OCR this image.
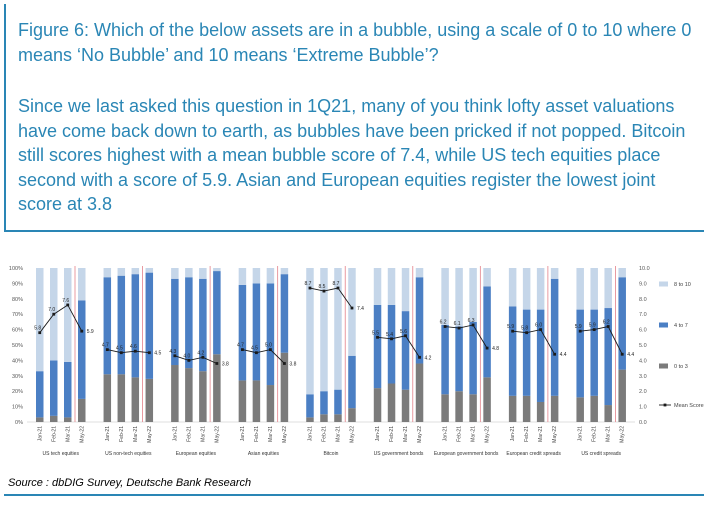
Figure 6: Which of the below assets are in a bubble, using a scale of 0 to 10 where 0 means ‘No Bubble’ and 10 means ‘Extreme Bubble’?

Since we last asked this question in 1Q21, many of you think lofty asset valuations have come back down to earth, as bubbles have been pricked if not popped. Bitcoin still scores highest with a mean bubble score of 7.4, while US tech equities place second with a score of 5.9. Asian and European equities register the lowest joint score at 3.8

0%
10%
20%
30%
40%
50%
60%
70%
80%
90%
100%
0.0
1.0
2.0
3.0
4.0
5.0
6.0
7.0
8.0
9.0
10.0
Jan-21 Feb-21 Mar-21 May-22
5.8
7.0
7.6
5.9
US tech equities
Jan-21 Feb-21 Mar-21 May-22
4.7
4.5 4.6
4.5
US non-tech equities
Jan-21 Feb-21 Mar-21 May-22
4.3
4.0
4.2
3.8
European equities
Jan-21 Feb-21 Mar-21 May-22
4.7
4.5
5.0
3.8
Asian equities
Jan-21 Feb-21 Mar-21 May-22
8.7
8.5
8.7
7.4
Bitcoin
Jan-21 Feb-21 Mar-21 May-22
5.5 5.4
5.6
4.2
US government bonds
Jan-21 Feb-21 Mar-21 May-22
6.2 6.1
6.3
4.8
European government bonds
Jan-21 Feb-21 Mar-21 May-22
5.9 5.8
6.0
4.4
European credit spreads
Jan-21 Feb-21 Mar-21 May-22
5.9 5.9
6.2
4.4
US credit spreads
8 to 10
4 to 7
0 to 3
Mean Score

Source : dbDIG Survey, Deutsche Bank Research
